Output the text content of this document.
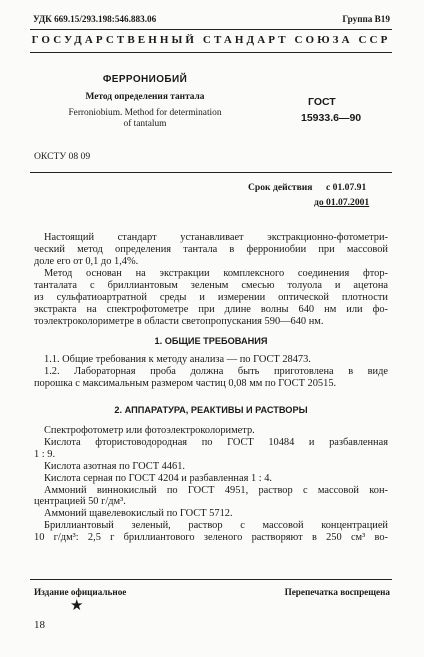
УДК 669.15/293.198:546.883.06	Группа В19
ГОСУДАРСТВЕННЫЙ СТАНДАРТ СОЮЗА ССР
ФЕРРОНИОБИЙ
Метод определения тантала
Ferroniobium. Method for determination
of tantalum
ГОСТ
15933.6—90
ОКСТУ 08 09
Срок действия с 01.07.91
до 01.07.2001
Настоящий стандарт устанавливает экстракционно-фотометри-
ческий метод определения тантала в феррониобии при массовой
доле его от 0,1 до 1,4%.
Метод основан на экстракции комплексного соединения фтор-
танталата с бриллиантовым зеленым смесью толуола и ацетона
из сульфатиоартратной среды и измерении оптической плотности
экстракта на спектрофотометре при длине волны 640 нм или фо-
тоэлектроколориметре в области светопропускания 590—640 нм.
1. ОБЩИЕ ТРЕБОВАНИЯ
1.1. Общие требования к методу анализа — по ГОСТ 28473.
1.2. Лабораторная проба должна быть приготовлена в виде
порошка с максимальным размером частиц 0,08 мм по ГОСТ 20515.
2. АППАРАТУРА, РЕАКТИВЫ И РАСТВОРЫ
Спектрофотометр или фотоэлектроколориметр.
Кислота фтористоводородная по ГОСТ 10484 и разбавленная
1 : 9.
Кислота азотная по ГОСТ 4461.
Кислота серная по ГОСТ 4204 и разбавленная 1 : 4.
Аммоний виннокислый по ГОСТ 4951, раствор с массовой кон-
центрацией 50 г/дм³.
Аммоний щавелевокислый по ГОСТ 5712.
Бриллиантовый зеленый, раствор с массовой концентрацией
10 г/дм³: 2,5 г бриллиантового зеленого растворяют в 250 см³ во-
Издание официальное	Перепечатка воспрещена
★
18
